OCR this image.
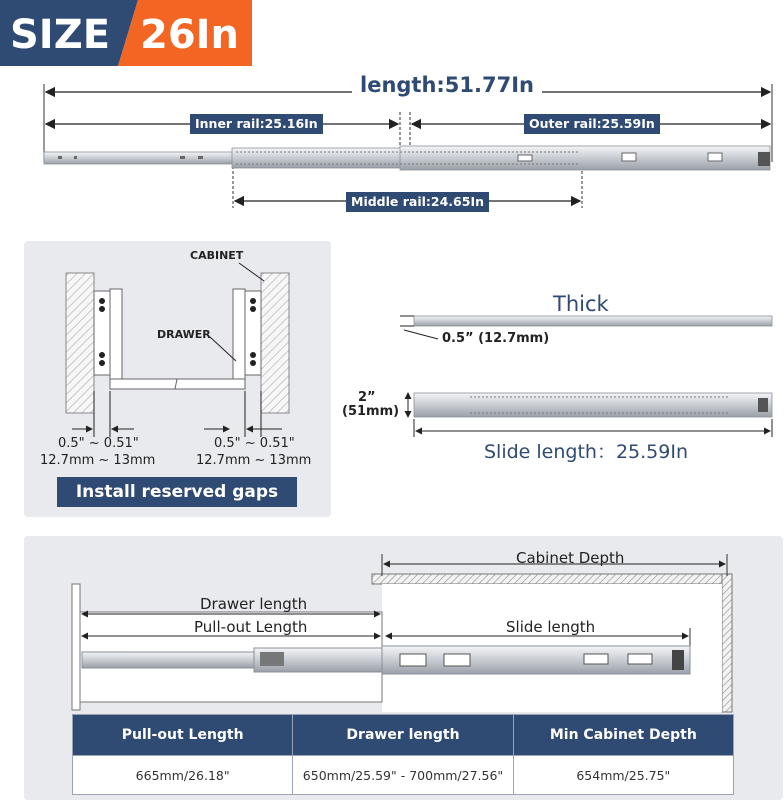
SIZE 26In
length:51.77In
Inner rail:25.16In	Outer rail:25.59In
Middle rail:24.65In
CABINET
DRAWER
0.5" ~ 0.51"
12.7mm ~ 13mm
0.5" ~ 0.51"
12.7mm ~ 13mm
Install reserved gaps
Thick
0.5” (12.7mm)
2”
(51mm)
Slide length：25.59In
Cabinet Depth
Drawer length
Pull-out Length	Slide length
Pull-out Length	Drawer length	Min Cabinet Depth
665mm/26.18"	650mm/25.59" - 700mm/27.56"	654mm/25.75"
